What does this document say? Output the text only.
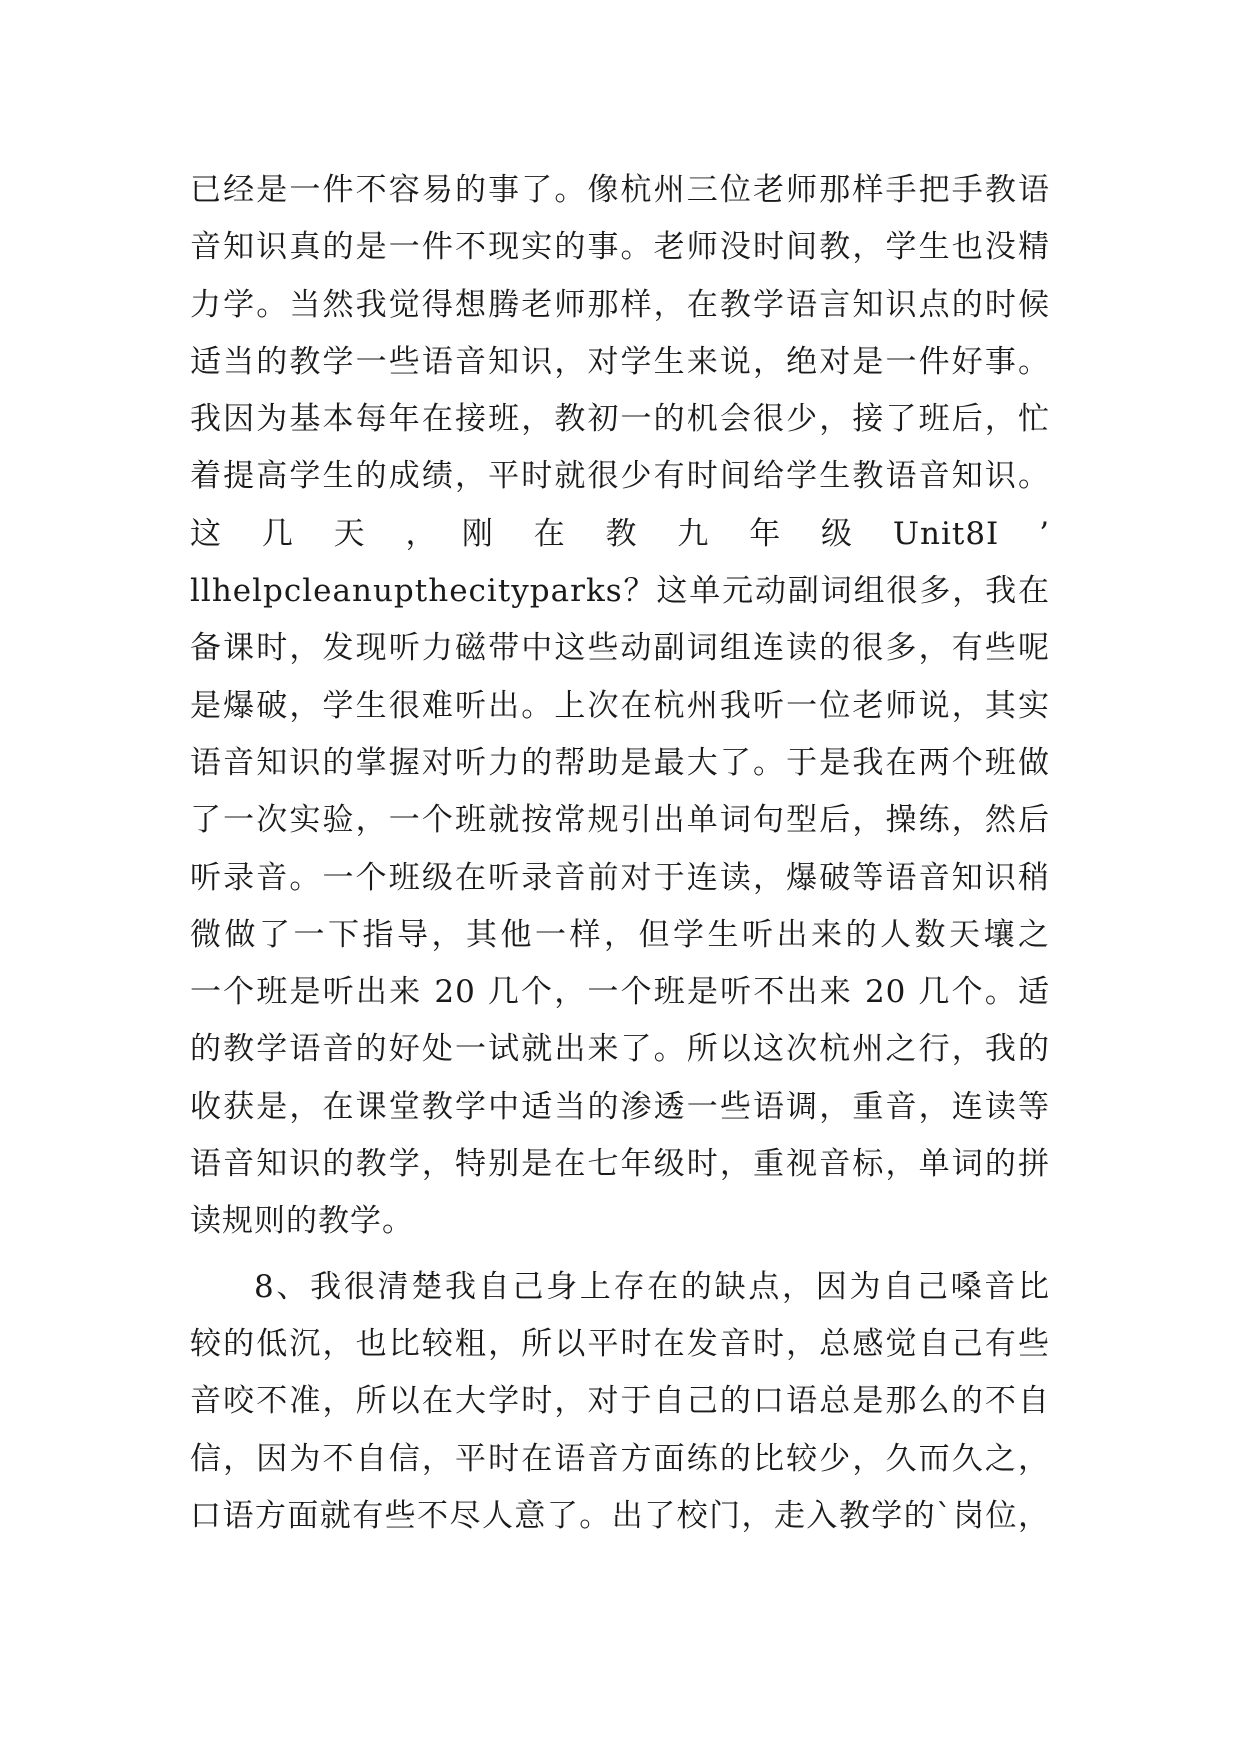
已经是一件不容易的事了。像杭州三位老师那样手把手教语
音知识真的是一件不现实的事。老师没时间教，学生也没精
力学。当然我觉得想腾老师那样，在教学语言知识点的时候
适当的教学一些语音知识，对学生来说，绝对是一件好事。
我因为基本每年在接班，教初一的机会很少，接了班后，忙
着提高学生的成绩，平时就很少有时间给学生教语音知识。
这　几　天　，　刚　在　教　九　年　级　Unit8I　’
llhelpcleanupthecityparks？这单元动副词组很多，我在
备课时，发现听力磁带中这些动副词组连读的很多，有些呢
是爆破，学生很难听出。上次在杭州我听一位老师说，其实
语音知识的掌握对听力的帮助是最大了。于是我在两个班做
了一次实验，一个班就按常规引出单词句型后，操练，然后
听录音。一个班级在听录音前对于连读，爆破等语音知识稍
微做了一下指导，其他一样，但学生听出来的人数天壤之
一个班是听出来 20 几个，一个班是听不出来 20 几个。适
的教学语音的好处一试就出来了。所以这次杭州之行，我的
收获是，在课堂教学中适当的渗透一些语调，重音，连读等
语音知识的教学，特别是在七年级时，重视音标，单词的拼
读规则的教学。
8、我很清楚我自己身上存在的缺点，因为自己嗓音比
较的低沉，也比较粗，所以平时在发音时，总感觉自己有些
音咬不准，所以在大学时，对于自己的口语总是那么的不自
信，因为不自信，平时在语音方面练的比较少，久而久之，
口语方面就有些不尽人意了。出了校门，走入教学的`岗位，
